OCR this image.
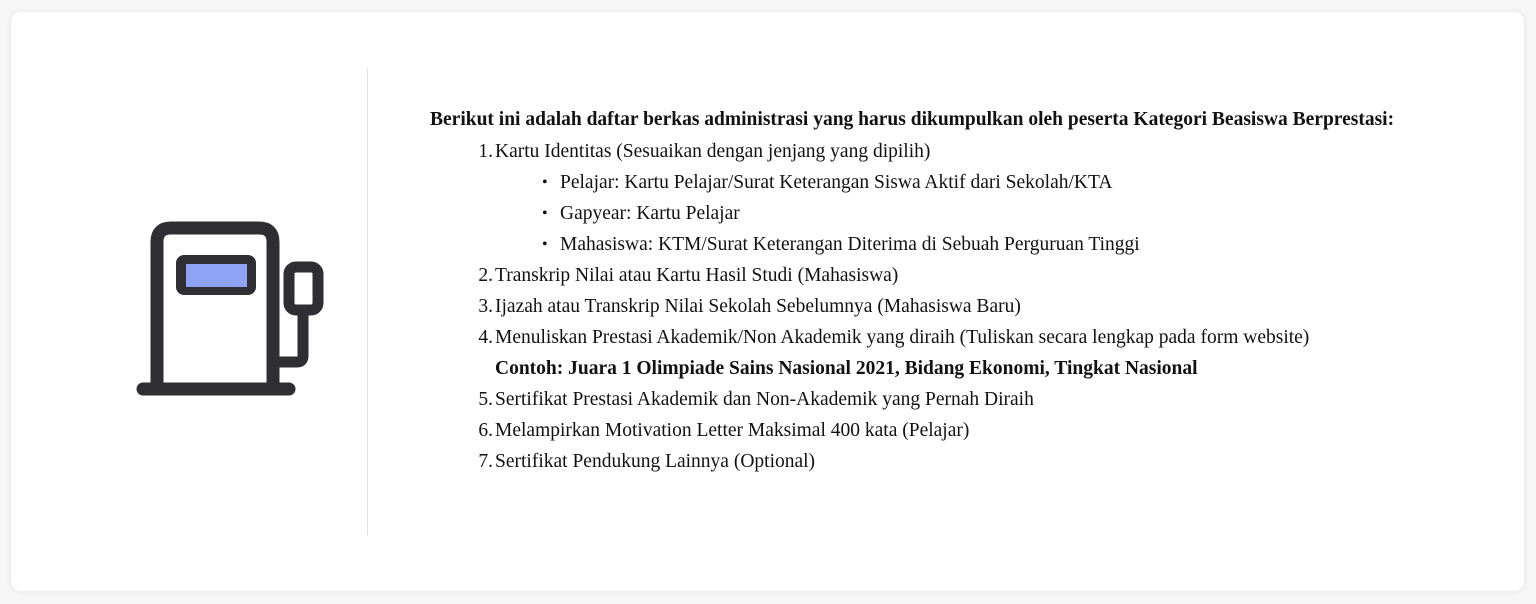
Berikut ini adalah daftar berkas administrasi yang harus dikumpulkan oleh peserta Kategori Beasiswa Berprestasi:

1. Kartu Identitas (Sesuaikan dengan jenjang yang dipilih)
• Pelajar: Kartu Pelajar/Surat Keterangan Siswa Aktif dari Sekolah/KTA
• Gapyear: Kartu Pelajar
• Mahasiswa: KTM/Surat Keterangan Diterima di Sebuah Perguruan Tinggi
2. Transkrip Nilai atau Kartu Hasil Studi (Mahasiswa)
3. Ijazah atau Transkrip Nilai Sekolah Sebelumnya (Mahasiswa Baru)
4. Menuliskan Prestasi Akademik/Non Akademik yang diraih (Tuliskan secara lengkap pada form website)
Contoh: Juara 1 Olimpiade Sains Nasional 2021, Bidang Ekonomi, Tingkat Nasional
5. Sertifikat Prestasi Akademik dan Non-Akademik yang Pernah Diraih
6. Melampirkan Motivation Letter Maksimal 400 kata (Pelajar)
7. Sertifikat Pendukung Lainnya (Optional)
